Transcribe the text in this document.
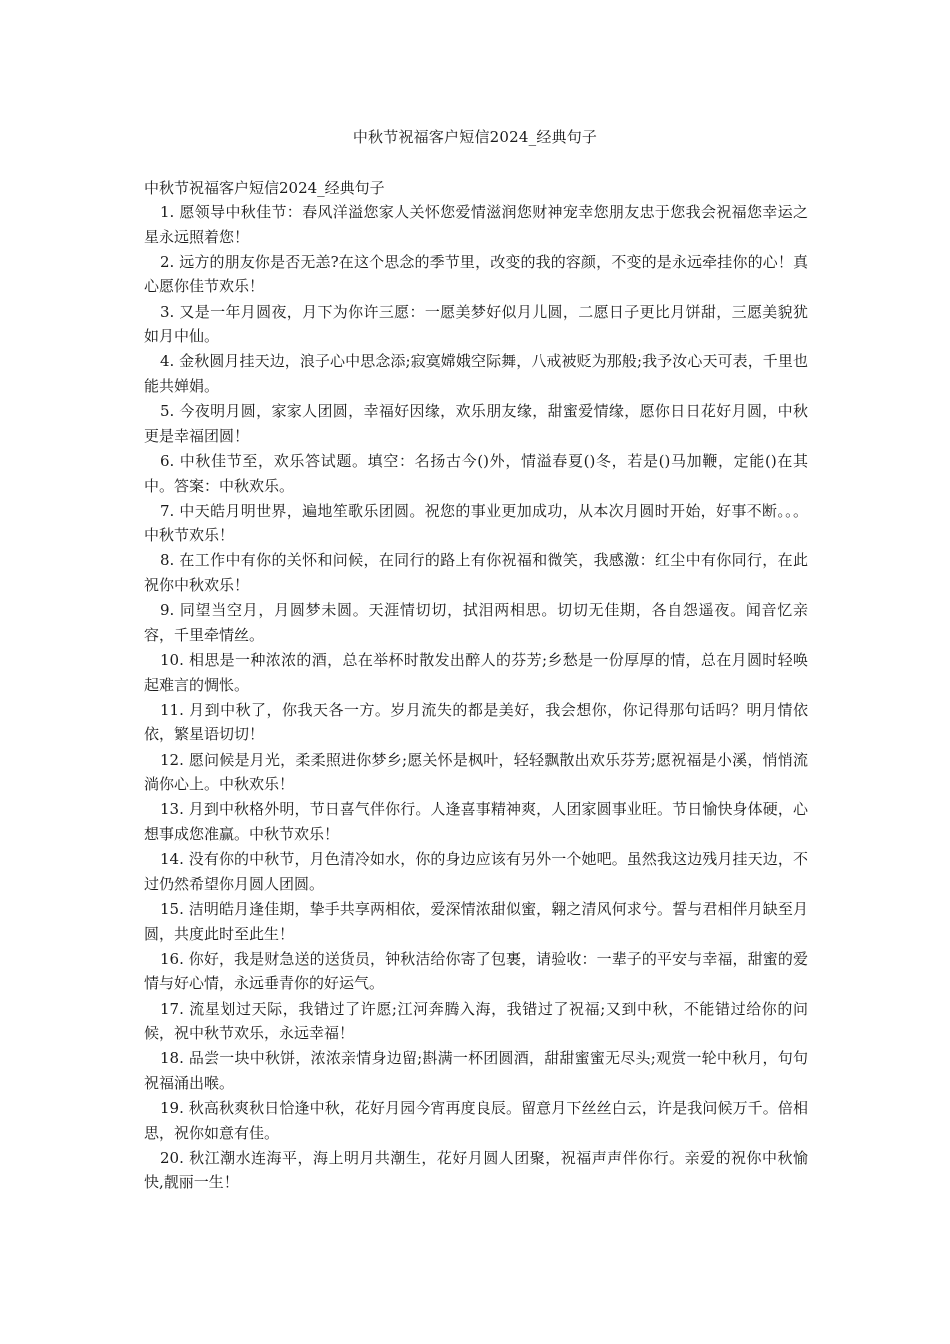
中秋节祝福客户短信2024_经典句子

中秋节祝福客户短信2024_经典句子

1. 愿领导中秋佳节：春风洋溢您家人关怀您爱情滋润您财神宠幸您朋友忠于您我会祝福您幸运之星永远照着您！

2. 远方的朋友你是否无恙?在这个思念的季节里，改变的我的容颜，不变的是永远牵挂你的心！真心愿你佳节欢乐！

3. 又是一年月圆夜，月下为你许三愿：一愿美梦好似月儿圆，二愿日子更比月饼甜，三愿美貌犹如月中仙。

4. 金秋圆月挂天边，浪子心中思念添;寂寞嫦娥空际舞，八戒被贬为那般;我予汝心天可表，千里也能共婵娟。

5. 今夜明月圆，家家人团圆，幸福好因缘，欢乐朋友缘，甜蜜爱情缘，愿你日日花好月圆，中秋更是幸福团圆！

6. 中秋佳节至，欢乐答试题。填空：名扬古今()外，情溢春夏()冬，若是()马加鞭，定能()在其中。答案：中秋欢乐。

7. 中天皓月明世界，遍地笙歌乐团圆。祝您的事业更加成功，从本次月圆时开始，好事不断。。。中秋节欢乐！

8. 在工作中有你的关怀和问候，在同行的路上有你祝福和微笑，我感激：红尘中有你同行，在此祝你中秋欢乐！

9. 同望当空月，月圆梦未圆。天涯情切切，拭泪两相思。切切无佳期，各自怨遥夜。闻音忆亲容，千里牵情丝。

10. 相思是一种浓浓的酒，总在举杯时散发出醉人的芬芳;乡愁是一份厚厚的情，总在月圆时轻唤起难言的惆怅。

11. 月到中秋了，你我天各一方。岁月流失的都是美好，我会想你，你记得那句话吗？明月情依依，繁星语切切！

12. 愿问候是月光，柔柔照进你梦乡;愿关怀是枫叶，轻轻飘散出欢乐芬芳;愿祝福是小溪，悄悄流淌你心上。中秋欢乐！

13. 月到中秋格外明，节日喜气伴你行。人逢喜事精神爽，人团家圆事业旺。节日愉快身体硬，心想事成您准赢。中秋节欢乐！

14. 没有你的中秋节，月色清冷如水，你的身边应该有另外一个她吧。虽然我这边残月挂天边，不过仍然希望你月圆人团圆。

15. 洁明皓月逢佳期，挚手共享两相依，爱深情浓甜似蜜，翱之清风何求兮。誓与君相伴月缺至月圆，共度此时至此生！

16. 你好，我是财急送的送货员，钟秋洁给你寄了包裹，请验收：一辈子的平安与幸福，甜蜜的爱情与好心情，永远垂青你的好运气。

17. 流星划过天际，我错过了许愿;江河奔腾入海，我错过了祝福;又到中秋，不能错过给你的问候，祝中秋节欢乐，永远幸福！

18. 品尝一块中秋饼，浓浓亲情身边留;斟满一杯团圆酒，甜甜蜜蜜无尽头;观赏一轮中秋月，句句祝福涌出喉。

19. 秋高秋爽秋日恰逢中秋，花好月园今宵再度良辰。留意月下丝丝白云，许是我问候万千。倍相思，祝你如意有佳。

20. 秋江潮水连海平，海上明月共潮生，花好月圆人团聚，祝福声声伴你行。亲爱的祝你中秋愉快,靓丽一生！
